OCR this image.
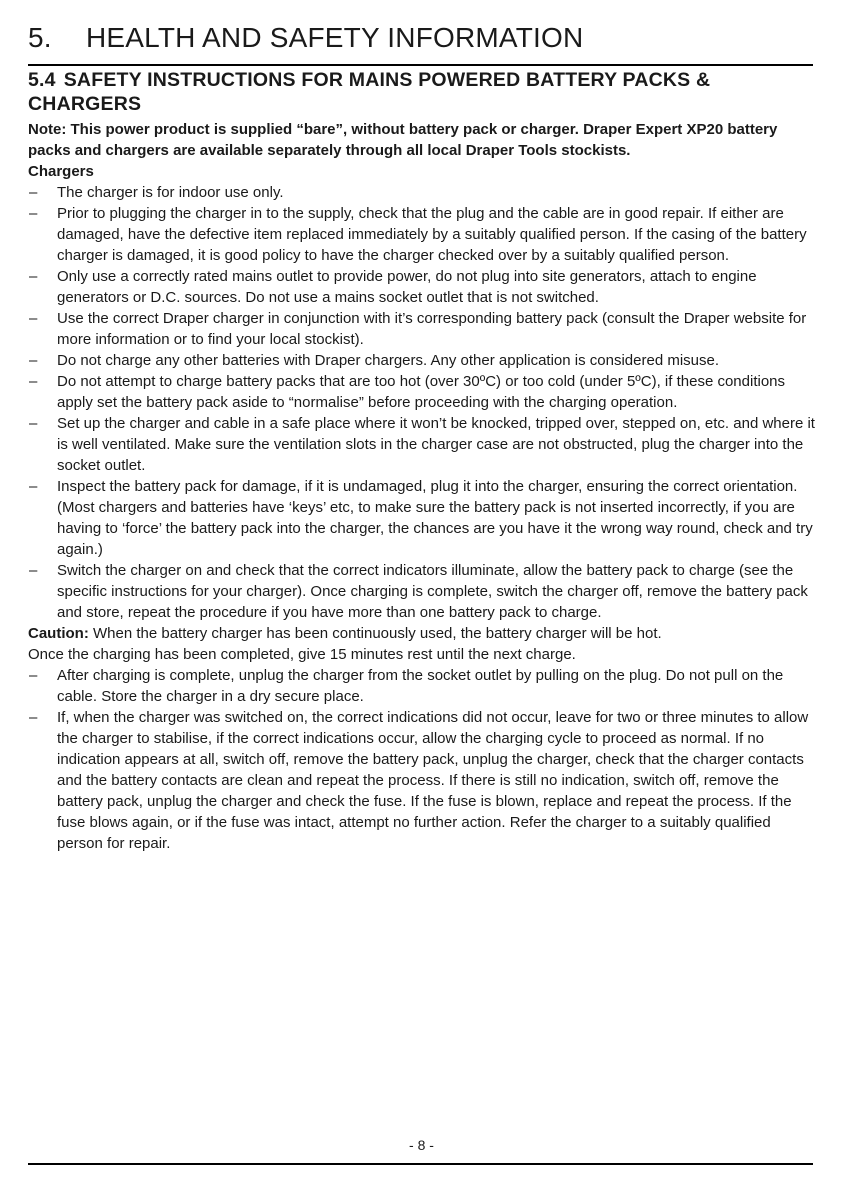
5. HEALTH AND SAFETY INFORMATION
5.4 SAFETY INSTRUCTIONS FOR MAINS POWERED BATTERY PACKS & CHARGERS

Note: This power product is supplied “bare”, without battery pack or charger. Draper Expert XP20 battery packs and chargers are available separately through all local Draper Tools stockists.

Chargers

– The charger is for indoor use only.
– Prior to plugging the charger in to the supply, check that the plug and the cable are in good repair. If either are damaged, have the defective item replaced immediately by a suitably qualified person. If the casing of the battery charger is damaged, it is good policy to have the charger checked over by a suitably qualified person.
– Only use a correctly rated mains outlet to provide power, do not plug into site generators, attach to engine generators or D.C. sources. Do not use a mains socket outlet that is not switched.
– Use the correct Draper charger in conjunction with it’s corresponding battery pack (consult the Draper website for more information or to find your local stockist).
– Do not charge any other batteries with Draper chargers. Any other application is considered misuse.
– Do not attempt to charge battery packs that are too hot (over 30ºC) or too cold (under 5ºC), if these conditions apply set the battery pack aside to “normalise” before proceeding with the charging operation.
– Set up the charger and cable in a safe place where it won’t be knocked, tripped over, stepped on, etc. and where it is well ventilated. Make sure the ventilation slots in the charger case are not obstructed, plug the charger into the socket outlet.
– Inspect the battery pack for damage, if it is undamaged, plug it into the charger, ensuring the correct orientation. (Most chargers and batteries have ‘keys’ etc, to make sure the battery pack is not inserted incorrectly, if you are having to ‘force’ the battery pack into the charger, the chances are you have it the wrong way round, check and try again.)
– Switch the charger on and check that the correct indicators illuminate, allow the battery pack to charge (see the specific instructions for your charger). Once charging is complete, switch the charger off, remove the battery pack and store, repeat the procedure if you have more than one battery pack to charge.

Caution: When the battery charger has been continuously used, the battery charger will be hot.

Once the charging has been completed, give 15 minutes rest until the next charge.

– After charging is complete, unplug the charger from the socket outlet by pulling on the plug. Do not pull on the cable. Store the charger in a dry secure place.
– If, when the charger was switched on, the correct indications did not occur, leave for two or three minutes to allow the charger to stabilise, if the correct indications occur, allow the charging cycle to proceed as normal. If no indication appears at all, switch off, remove the battery pack, unplug the charger, check that the charger contacts and the battery contacts are clean and repeat the process. If there is still no indication, switch off, remove the battery pack, unplug the charger and check the fuse. If the fuse is blown, replace and repeat the process. If the fuse blows again, or if the fuse was intact, attempt no further action. Refer the charger to a suitably qualified person for repair.
- 8 -
